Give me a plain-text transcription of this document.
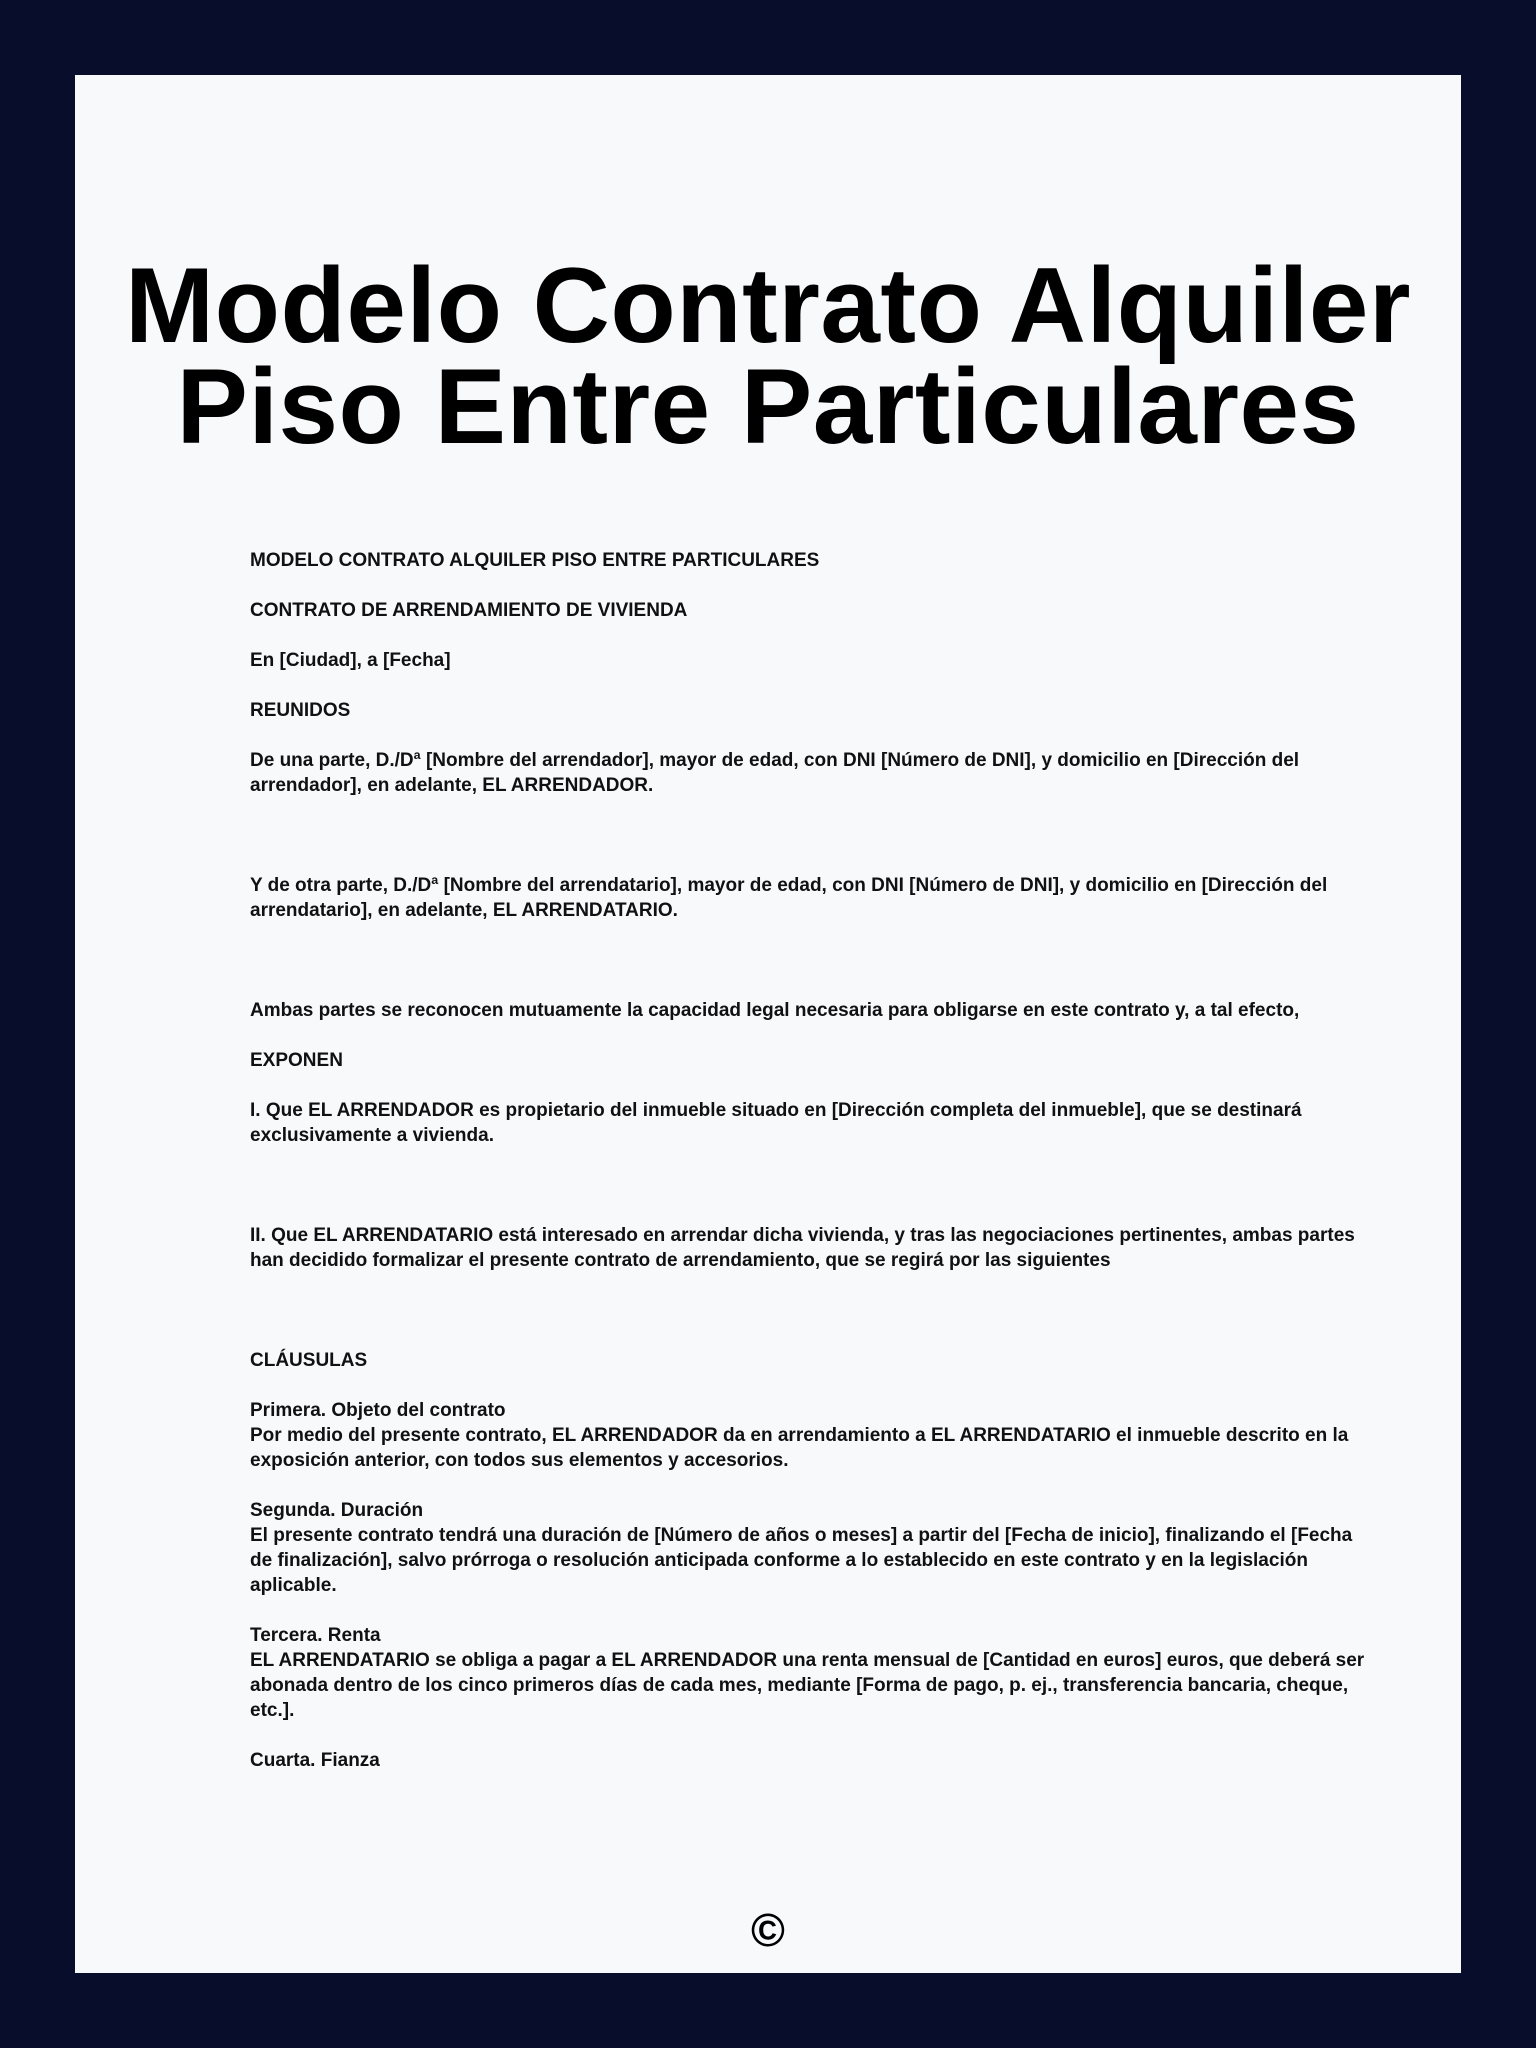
Modelo Contrato Alquiler
Piso Entre Particulares

MODELO CONTRATO ALQUILER PISO ENTRE PARTICULARES

CONTRATO DE ARRENDAMIENTO DE VIVIENDA

En [Ciudad], a [Fecha]

REUNIDOS

De una parte, D./Dª [Nombre del arrendador], mayor de edad, con DNI [Número de DNI], y domicilio en [Dirección del arrendador], en adelante, EL ARRENDADOR.

Y de otra parte, D./Dª [Nombre del arrendatario], mayor de edad, con DNI [Número de DNI], y domicilio en [Dirección del arrendatario], en adelante, EL ARRENDATARIO.

Ambas partes se reconocen mutuamente la capacidad legal necesaria para obligarse en este contrato y, a tal efecto,

EXPONEN

I. Que EL ARRENDADOR es propietario del inmueble situado en [Dirección completa del inmueble], que se destinará exclusivamente a vivienda.

II. Que EL ARRENDATARIO está interesado en arrendar dicha vivienda, y tras las negociaciones pertinentes, ambas partes han decidido formalizar el presente contrato de arrendamiento, que se regirá por las siguientes

CLÁUSULAS

Primera. Objeto del contrato
Por medio del presente contrato, EL ARRENDADOR da en arrendamiento a EL ARRENDATARIO el inmueble descrito en la exposición anterior, con todos sus elementos y accesorios.

Segunda. Duración
El presente contrato tendrá una duración de [Número de años o meses] a partir del [Fecha de inicio], finalizando el [Fecha de finalización], salvo prórroga o resolución anticipada conforme a lo establecido en este contrato y en la legislación aplicable.

Tercera. Renta
EL ARRENDATARIO se obliga a pagar a EL ARRENDADOR una renta mensual de [Cantidad en euros] euros, que deberá ser abonada dentro de los cinco primeros días de cada mes, mediante [Forma de pago, p. ej., transferencia bancaria, cheque, etc.].

Cuarta. Fianza

©
